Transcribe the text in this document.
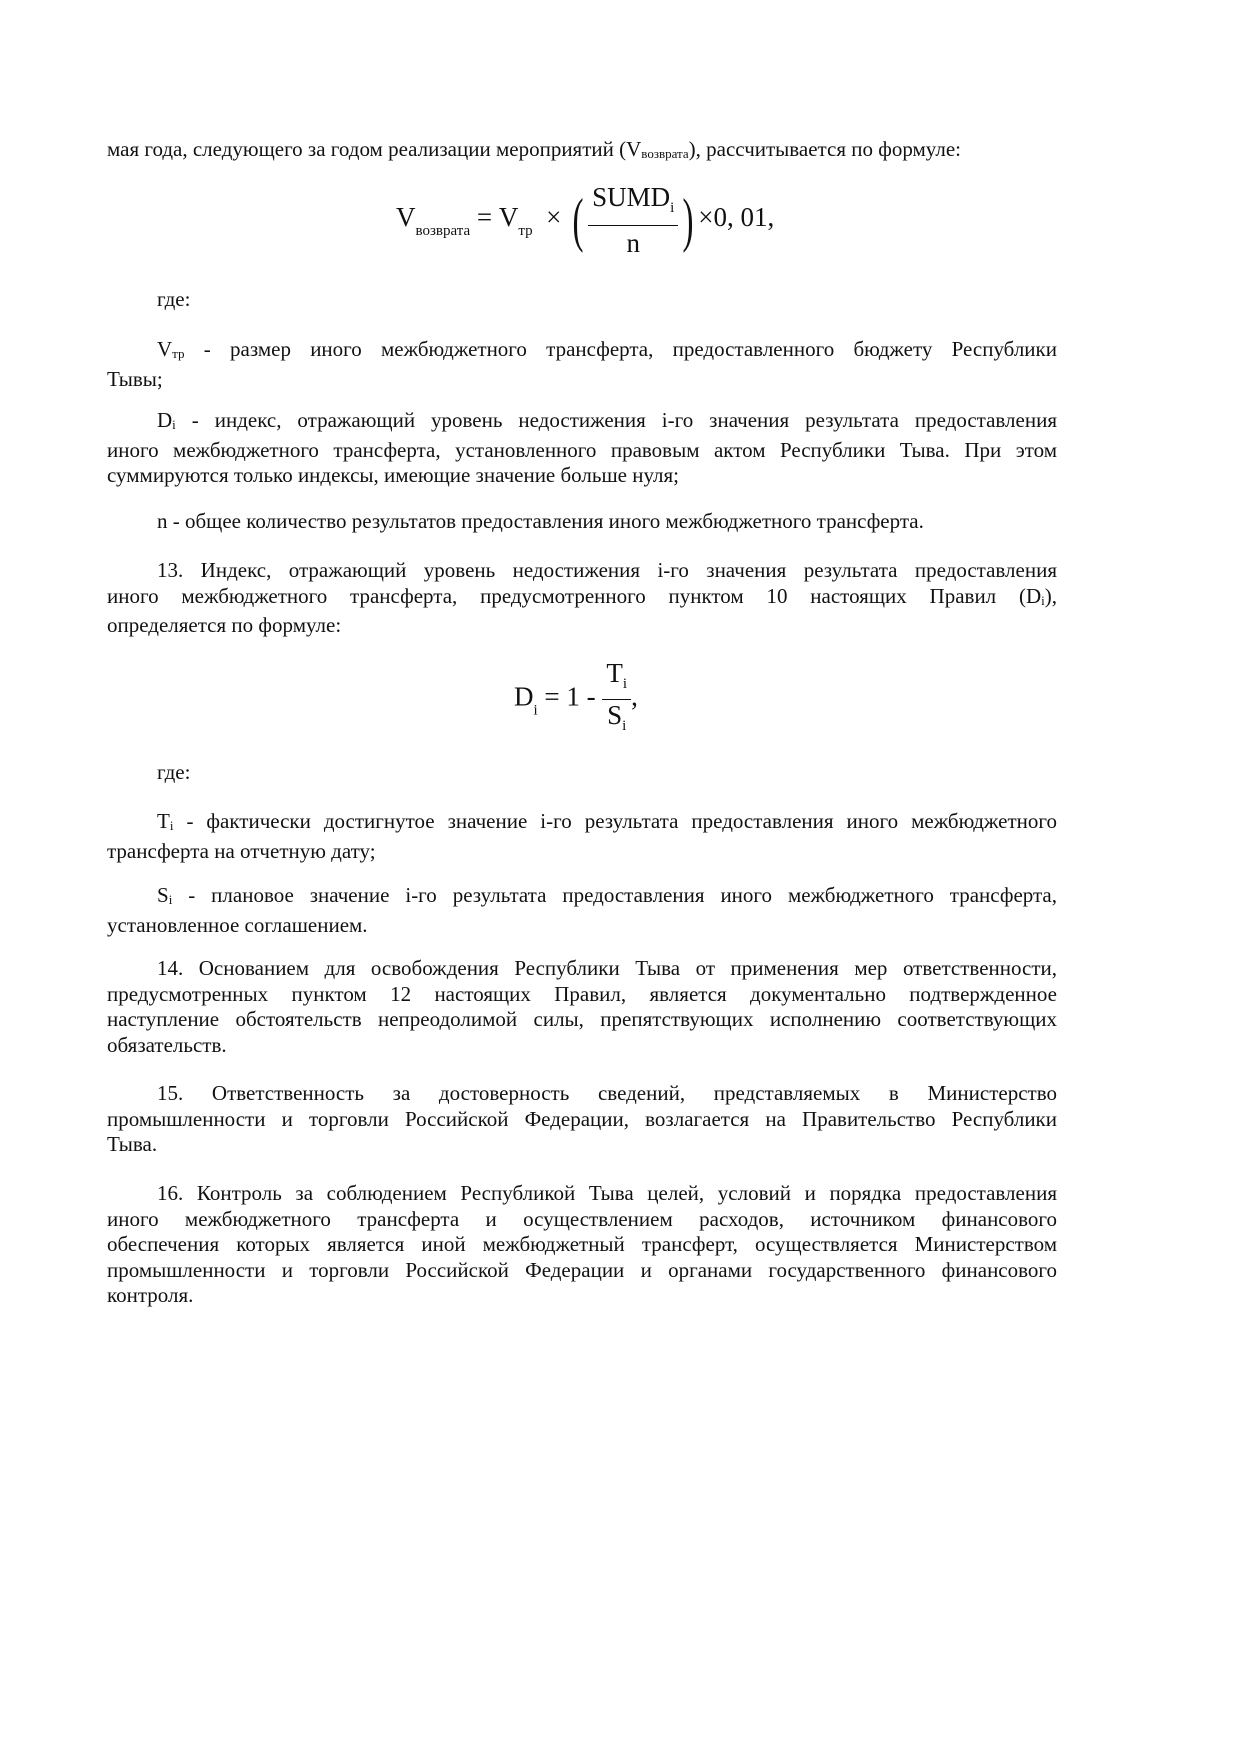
мая года, следующего за годом реализации мероприятий (Vвозврата), рассчитывается по формуле:
$V_{возврата} = V_{тр}$ × ( $\frac{SUMD_i}{n}$ ) ×0, 01,
где:
Vтр - размер иного межбюджетного трансферта, предоставленного бюджету Республики
Тывы;
Di - индекс, отражающий уровень недостижения i-го значения результата предоставления
иного межбюджетного трансферта, установленного правовым актом Республики Тыва. При этом
суммируются только индексы, имеющие значение больше нуля;
n - общее количество результатов предоставления иного межбюджетного трансферта.
13. Индекс, отражающий уровень недостижения i-го значения результата предоставления
иного межбюджетного трансферта, предусмотренного пунктом 10 настоящих Правил (Di),
определяется по формуле:
$D_i = 1 - \frac{T_i}{S_i}$ ,
где:
Ti - фактически достигнутое значение i-го результата предоставления иного межбюджетного
трансферта на отчетную дату;
Si - плановое значение i-го результата предоставления иного межбюджетного трансферта,
установленное соглашением.
14. Основанием для освобождения Республики Тыва от применения мер ответственности,
предусмотренных пунктом 12 настоящих Правил, является документально подтвержденное
наступление обстоятельств непреодолимой силы, препятствующих исполнению соответствующих
обязательств.
15. Ответственность за достоверность сведений, представляемых в Министерство
промышленности и торговли Российской Федерации, возлагается на Правительство Республики
Тыва.
16. Контроль за соблюдением Республикой Тыва целей, условий и порядка предоставления
иного межбюджетного трансферта и осуществлением расходов, источником финансового
обеспечения которых является иной межбюджетный трансферт, осуществляется Министерством
промышленности и торговли Российской Федерации и органами государственного финансового
контроля.
